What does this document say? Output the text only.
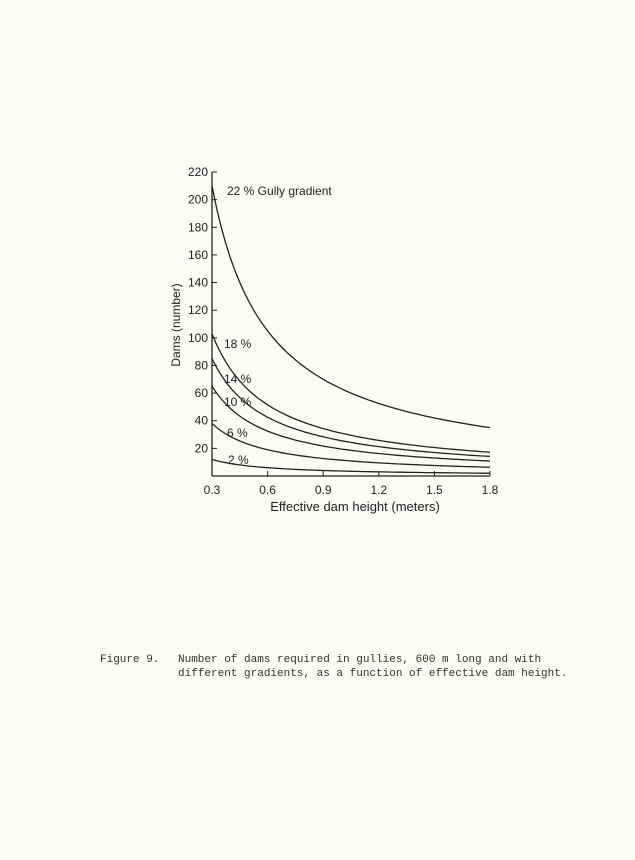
0.3	0.6	0.9	1.2	1.5	1.8
20
40
60
80
100
120
140
160
180
200
220
22 % Gully gradient
18 %
14 %
10 %
6 %
2 %
Effective dam height (meters)
Dams (number)
Figure 9. Number of dams required in gullies, 600 m long and with different gradients, as a function of effective dam height.
